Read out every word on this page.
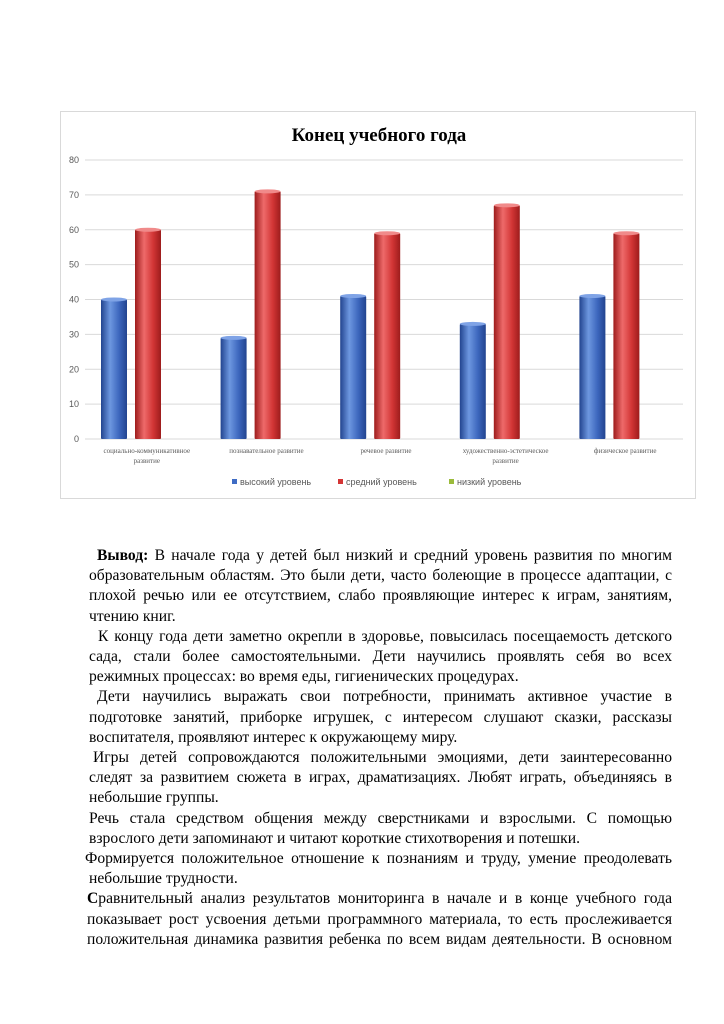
Конец учебного года
0
10
20
30
40
50
60
70
80
социально-коммуникативное
развитие
познавательное развитие	речевое развитие	художественно-эстетическое
развитие
физическое развитие
высокий уровень	средний уровень	низкий уровень

Вывод: В начале года у детей был низкий и средний уровень развития по многим образовательным областям. Это были дети, часто болеющие в процессе адаптации, с плохой речью или ее отсутствием, слабо проявляющие интерес к играм, занятиям, чтению книг.

К концу года дети заметно окрепли в здоровье, повысилась посещаемость детского сада, стали более самостоятельными. Дети научились проявлять себя во всех режимных процессах: во время еды, гигиенических процедурах.

Дети научились выражать свои потребности, принимать активное участие в подготовке занятий, приборке игрушек, с интересом слушают сказки, рассказы воспитателя, проявляют интерес к окружающему миру.

Игры детей сопровождаются положительными эмоциями, дети заинтересованно следят за развитием сюжета в играх, драматизациях. Любят играть, объединяясь в небольшие группы.

Речь стала средством общения между сверстниками и взрослыми. С помощью взрослого дети запоминают и читают короткие стихотворения и потешки.

Формируется положительное отношение к познаниям и труду, умение преодолевать небольшие трудности.

Сравнительный анализ результатов мониторинга в начале и в конце учебного года показывает рост усвоения детьми программного материала, то есть прослеживается положительная динамика развития ребенка по всем видам деятельности. В основном
